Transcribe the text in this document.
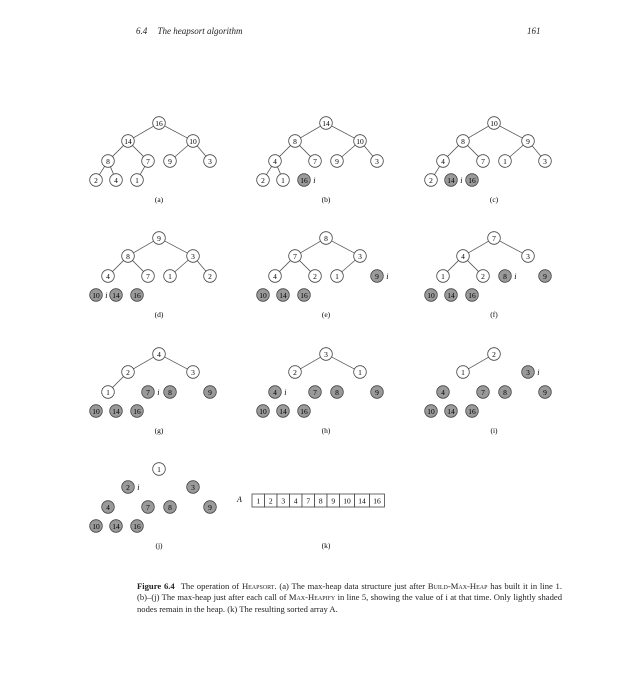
6.4 The heapsort algorithm	161
16
14	10
8	7 9	3
2 4 1
(a)
14
8	10
4	7 9	3
2 1 16 i
(b)
10
8	9
4	7 1	3
2 14 16
i
(c)
9
8	3
4	7 1	2
10 14 16
i
(d)
8
7	3
4	2 1	9
10 14 16
i
(e)
7
4	3
1	2 8	9
10 14 16
i
(f)
4
2	3
1	7 8	9
10 14 16
i
(g)
3
2	1
4	7 8	9
10 14 16
i
(h)
2
1	3
4	7 8	9
10 14 16
i
(i)
1
2	3
4	7 8	9
10 14 16
i
(j)
A 1 2 3 4 7 8 9 10 14 16
(k)
Figure 6.4 The operation of Heapsort. (a) The max-heap data structure just after Build-Max-Heap has built it in line 1. (b)–(j) The max-heap just after each call of Max-Heapify in line 5, showing the value of i at that time. Only lightly shaded nodes remain in the heap. (k) The resulting sorted array A.
